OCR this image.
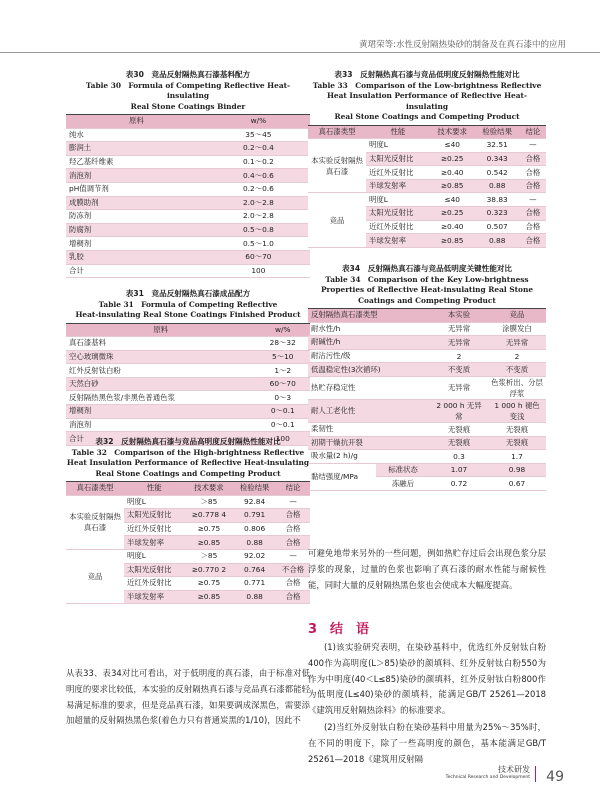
黄珺荣等:水性反射隔热染砂的制备及在真石漆中的应用
表30　竞品反射隔热真石漆基料配方
Table 30　Formula of Competing Reflective Heat-insulating
Real Stone Coatings Binder
原料	w/%
纯水	35～45
膨润土	0.2～0.4
羟乙基纤维素	0.1～0.2
消泡剂	0.4～0.6
pH值调节剂	0.2～0.6
成膜助剂	2.0～2.8
防冻剂	2.0～2.8
防腐剂	0.5～0.8
增稠剂	0.5～1.0
乳胶	60～70
合计	100
表31　竞品反射隔热真石漆成品配方
Table 31　Formula of Competing Reflective
Heat-insulating Real Stone Coatings Finished Product
原料	w/%
真石漆基料	28～32
空心玻璃微珠	5～10
红外反射钛白粉	1～2
天然白砂	60～70
反射隔热黑色浆/非黑色普通色浆	0～3
增稠剂	0～0.1
消泡剂	0～0.1
合计	100
表32　反射隔热真石漆与竞品高明度反射隔热性能对比
Table 32　Comparison of the High-brightness Reflective
Heat Insulation Performance of Reflective Heat-insulating
Real Stone Coatings and Competing Product
真石漆类型	性能	技术要求	检验结果	结论
本实验反射隔热真石漆	明度L	＞85	92.84	—
	太阳光反射比	≥0.778 4	0.791	合格
	近红外反射比	≥0.75	0.806	合格
	半球发射率	≥0.85	0.88	合格
竞品	明度L	＞85	92.02	—
	太阳光反射比	≥0.770 2	0.764	不合格
	近红外反射比	≥0.75	0.771	合格
	半球发射率	≥0.85	0.88	合格
从表33、表34对比可看出，对于低明度的真石漆，由于标准对低明度的要求比较低，本实验的反射隔热真石漆与竞品真石漆都能轻易满足标准的要求，但是竞品真石漆，如果要调成深黑色，需要添加超量的反射隔热黑色浆(着色力只有普通炭黑的1/10)，因此不
表33　反射隔热真石漆与竞品低明度反射隔热性能对比
Table 33　Comparison of the Low-brightness Reflective
Heat Insulation Performance of Reflective Heat-insulating
Real Stone Coatings and Competing Product
真石漆类型	性能	技术要求	检验结果	结论
本实验反射隔热真石漆	明度L	≤40	32.51	—
	太阳光反射比	≥0.25	0.343	合格
	近红外反射比	≥0.40	0.542	合格
	半球发射率	≥0.85	0.88	合格
竞品	明度L	≤40	38.83	—
	太阳光反射比	≥0.25	0.323	合格
	近红外反射比	≥0.40	0.507	合格
	半球发射率	≥0.85	0.88	合格
表34　反射隔热真石漆与竞品低明度关键性能对比
Table 34　Comparison of the Key Low-brightness
Properties of Reflective Heat-insulating Real Stone
Coatings and Competing Product
反射隔热真石漆类型		本实验	竞品
耐水性/h		无异常	涂膜发白
耐碱性/h		无异常	无异常
耐沾污性/级		2	2
低温稳定性(3次循环)		不变质	不变质
热贮存稳定性		无异常	色浆析出、分层浮浆
耐人工老化性		2 000 h 无异常	1 000 h 褪色变浅
柔韧性		无裂痕	无裂痕
初期干燥抗开裂		无裂痕	无裂痕
吸水量(2 h)/g		0.3	1.7
黏结强度/MPa	标准状态	1.07	0.98
	冻融后	0.72	0.67
可避免地带来另外的一些问题，例如热贮存过后会出现色浆分层浮浆的现象，过量的色浆也影响了真石漆的耐水性能与耐候性能，同时大量的反射隔热黑色浆也会使成本大幅度提高。
3　结　语
(1)该实验研究表明，在染砂基料中，优选红外反射钛白粉400作为高明度(L＞85)染砂的颜填料、红外反射钛白粉550为作为中明度(40＜L≤85)染砂的颜填料，红外反射钛白粉800作为低明度(L≤40)染砂的颜填料，能满足GB/T 25261—2018《建筑用反射隔热涂料》的标准要求。
(2)当红外反射钛白粉在染砂基料中用量为25%～35%时，在不同的明度下，除了一些高明度的颜色，基本能满足GB/T 25261—2018《建筑用反射隔
技术研发
Technical Research and Development 49
